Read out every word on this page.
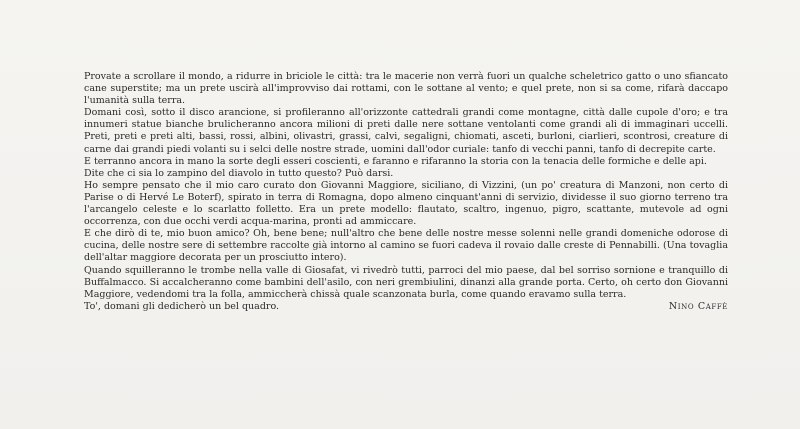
Provate a scrollare il mondo, a ridurre in briciole le città: tra le macerie non verrà fuori un qualche scheletrico gatto o uno sfiancato cane superstite; ma un prete uscirà all'improvviso dai rottami, con le sottane al vento; e quel prete, non si sa come, rifarà daccapo l'umanità sulla terra.

Domani così, sotto il disco arancione, si profileranno all'orizzonte cattedrali grandi come montagne, città dalle cupole d'oro; e tra innumeri statue bianche brulicheranno ancora milioni di preti dalle nere sottane ventolanti come grandi ali di immaginari uccelli. Preti, preti e preti alti, bassi, rossi, albini, olivastri, grassi, calvi, segaligni, chiomati, asceti, burloni, ciarlieri, scontrosi, creature di carne dai grandi piedi volanti su i selci delle nostre strade, uomini dall'odor curiale: tanfo di vecchi panni, tanfo di decrepite carte.

E terranno ancora in mano la sorte degli esseri coscienti, e faranno e rifaranno la storia con la tenacia delle formiche e delle api.

Dite che ci sia lo zampino del diavolo in tutto questo? Può darsi.

Ho sempre pensato che il mio caro curato don Giovanni Maggiore, siciliano, di Vizzini, (un po' creatura di Manzoni, non certo di Parise o di Hervé Le Boterf), spirato in terra di Romagna, dopo almeno cinquant'anni di servizio, dividesse il suo giorno terreno tra l'arcangelo celeste e lo scarlatto folletto. Era un prete modello: flautato, scaltro, ingenuo, pigro, scattante, mutevole ad ogni occorrenza, con due occhi verdi acqua-marina, pronti ad ammiccare.

E che dirò di te, mio buon amico? Oh, bene bene; null'altro che bene delle nostre messe solenni nelle grandi domeniche odorose di cucina, delle nostre sere di settembre raccolte già intorno al camino se fuori cadeva il rovaio dalle creste di Pennabilli. (Una tovaglia dell'altar maggiore decorata per un prosciutto intero).

Quando squilleranno le trombe nella valle di Giosafat, vi rivedrò tutti, parroci del mio paese, dal bel sorriso sornione e tranquillo di Buffalmacco. Si accalcheranno come bambini dell'asilo, con neri grembiulini, dinanzi alla grande porta. Certo, oh certo don Giovanni Maggiore, vedendomi tra la folla, ammiccherà chissà quale scanzonata burla, come quando eravamo sulla terra.

To', domani gli dedicherò un bel quadro.	Nino Caffè
